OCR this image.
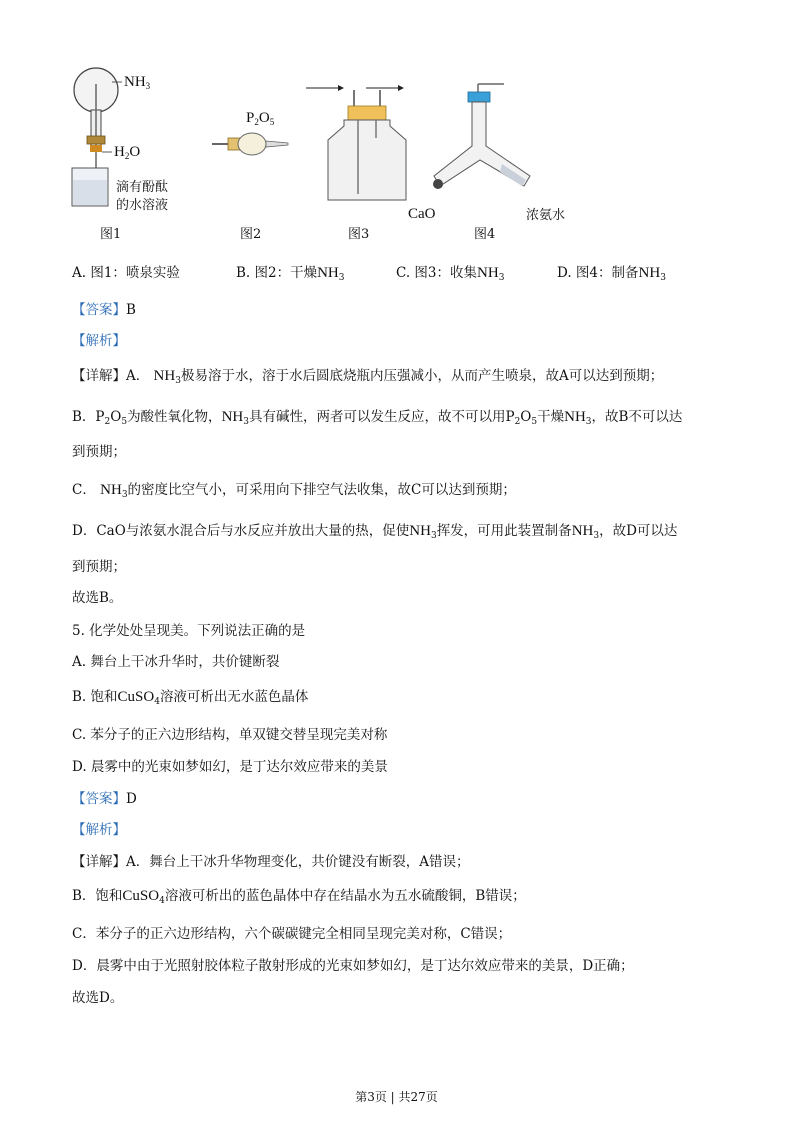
$NH_3$
$H_2O$
滴有酚酞
的水溶液
图1
$P_2O_5$
图2	图3
CaO	浓氨水
图4
A. 图1：喷泉实验	B. 图2：干燥$NH_3$	C. 图3：收集$NH_3$	D. 图4：制备$NH_3$
【答案】B
【解析】
【详解】A． $NH_3$极易溶于水，溶于水后圆底烧瓶内压强减小，从而产生喷泉，故A可以达到预期；
B．$P_2O_5$为酸性氧化物，$NH_3$具有碱性，两者可以发生反应，故不可以用$P_2O_5$干燥$NH_3$，故B不可以达
到预期；
C． $NH_3$的密度比空气小，可采用向下排空气法收集，故C可以达到预期；
D．CaO与浓氨水混合后与水反应并放出大量的热，促使$NH_3$挥发，可用此装置制备$NH_3$，故D可以达
到预期；
故选B。
5. 化学处处呈现美。下列说法正确的是
A. 舞台上干冰升华时，共价键断裂
B. 饱和CuSO$_4$溶液可析出无水蓝色晶体
C. 苯分子的正六边形结构，单双键交替呈现完美对称
D. 晨雾中的光束如梦如幻，是丁达尔效应带来的美景
【答案】D
【解析】
【详解】A．舞台上干冰升华物理变化，共价键没有断裂，A错误；
B．饱和CuSO$_4$溶液可析出的蓝色晶体中存在结晶水为五水硫酸铜，B错误；
C．苯分子的正六边形结构，六个碳碳键完全相同呈现完美对称，C错误；
D．晨雾中由于光照射胶体粒子散射形成的光束如梦如幻，是丁达尔效应带来的美景，D正确；
故选D。
第3页 | 共27页
